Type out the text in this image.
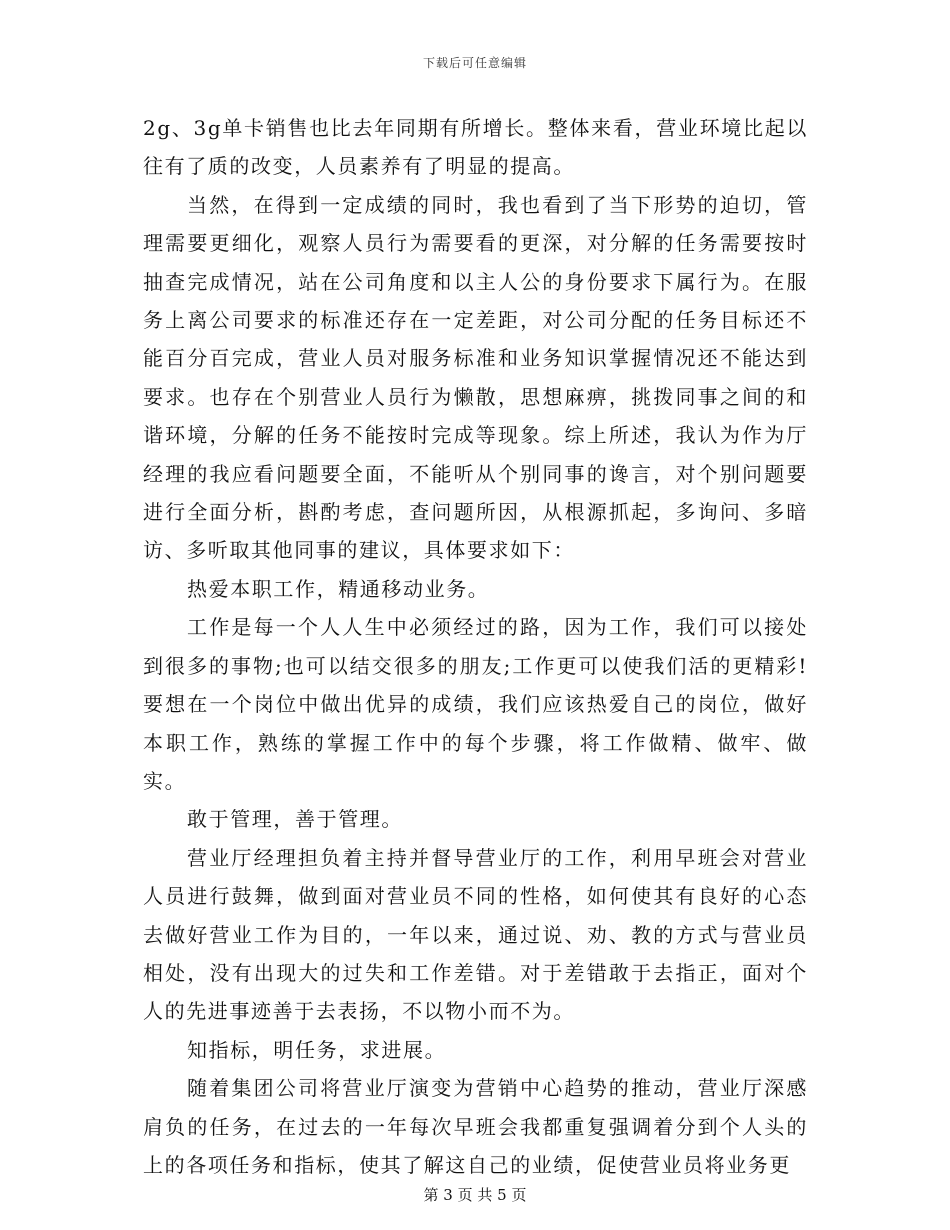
下载后可任意编辑

2g、3g单卡销售也比去年同期有所增长。整体来看，营业环境比起以往有了质的改变，人员素养有了明显的提高。

当然，在得到一定成绩的同时，我也看到了当下形势的迫切，管理需要更细化，观察人员行为需要看的更深，对分解的任务需要按时抽查完成情况，站在公司角度和以主人公的身份要求下属行为。在服务上离公司要求的标准还存在一定差距，对公司分配的任务目标还不能百分百完成，营业人员对服务标准和业务知识掌握情况还不能达到要求。也存在个别营业人员行为懒散，思想麻痹，挑拨同事之间的和谐环境，分解的任务不能按时完成等现象。综上所述，我认为作为厅经理的我应看问题要全面，不能听从个别同事的谗言，对个别问题要进行全面分析，斟酌考虑，查问题所因，从根源抓起，多询问、多暗访、多听取其他同事的建议，具体要求如下：

热爱本职工作，精通移动业务。

工作是每一个人人生中必须经过的路，因为工作，我们可以接处到很多的事物;也可以结交很多的朋友;工作更可以使我们活的更精彩!要想在一个岗位中做出优异的成绩，我们应该热爱自己的岗位，做好本职工作，熟练的掌握工作中的每个步骤，将工作做精、做牢、做实。

敢于管理，善于管理。

营业厅经理担负着主持并督导营业厅的工作，利用早班会对营业人员进行鼓舞，做到面对营业员不同的性格，如何使其有良好的心态去做好营业工作为目的，一年以来，通过说、劝、教的方式与营业员相处，没有出现大的过失和工作差错。对于差错敢于去指正，面对个人的先进事迹善于去表扬，不以物小而不为。

知指标，明任务，求进展。

随着集团公司将营业厅演变为营销中心趋势的推动，营业厅深感肩负的任务，在过去的一年每次早班会我都重复强调着分到个人头的上的各项任务和指标，使其了解这自己的业绩，促使营业员将业务更

第 3 页 共 5 页
